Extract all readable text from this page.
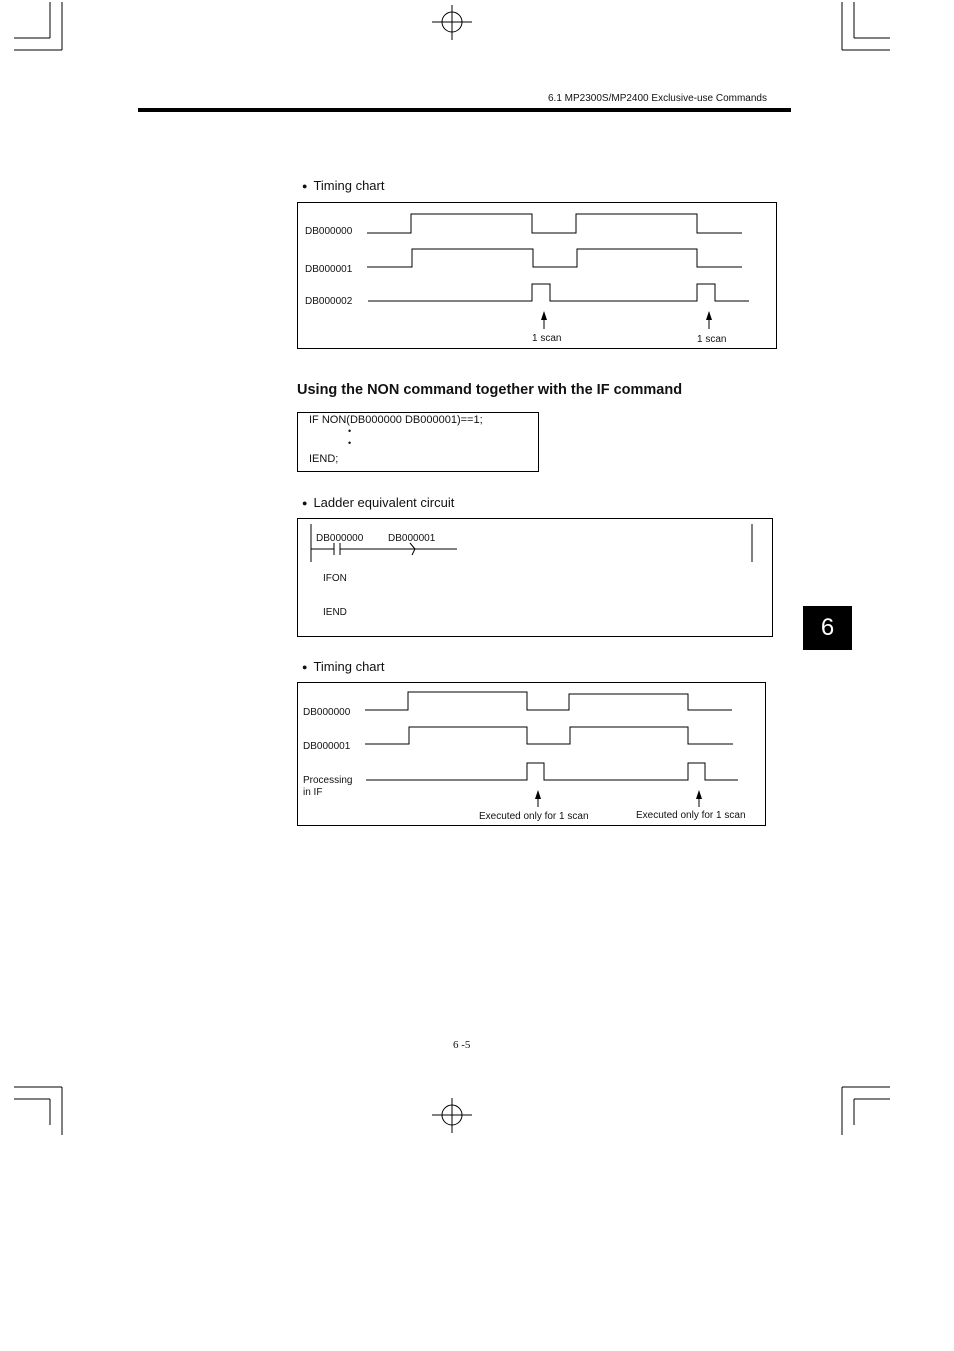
6.1 MP2300S/MP2400 Exclusive-use Commands
6
● Timing chart
DB000000
DB000001
DB000002
1 scan	1 scan
Using the NON command together with the IF command
IF NON(DB000000 DB000001)==1;
•
•
IEND;
● Ladder equivalent circuit
DB000000 DB000001
IFON
IEND
● Timing chart
DB000000
DB000001
Processing
in IF
Executed only for 1 scan	Executed only for 1 scan
6 -5
